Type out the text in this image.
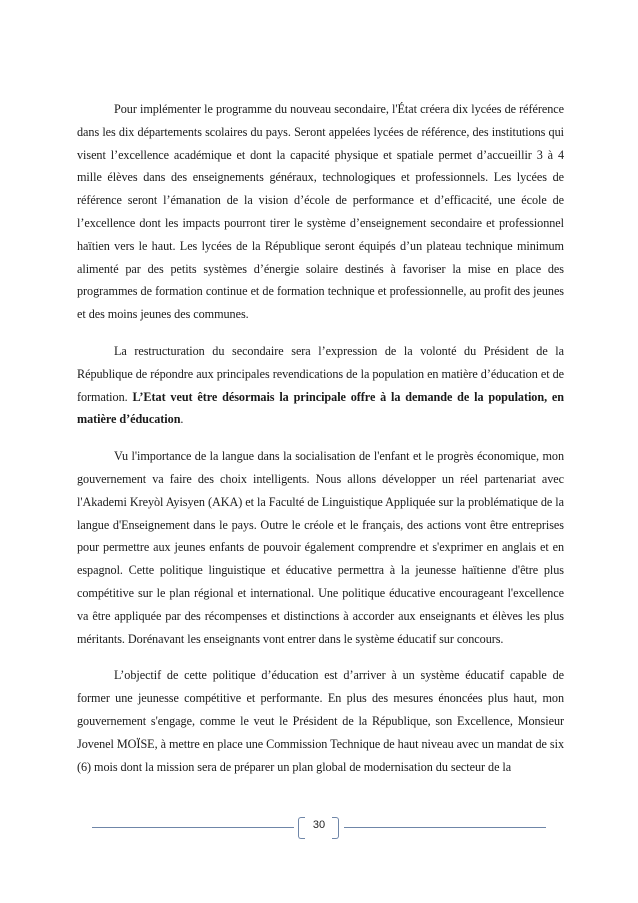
Pour implémenter le programme du nouveau secondaire, l'État créera dix lycées de référence dans les dix départements scolaires du pays. Seront appelées lycées de référence, des institutions qui visent l’excellence académique et dont la capacité physique et spatiale permet d’accueillir 3 à 4 mille élèves dans des enseignements généraux, technologiques et professionnels. Les lycées de référence seront l’émanation de la vision d’école de performance et d’efficacité, une école de l’excellence dont les impacts pourront tirer le système d’enseignement secondaire et professionnel haïtien vers le haut. Les lycées de la République seront équipés d’un plateau technique minimum alimenté par des petits systèmes d’énergie solaire destinés à favoriser la mise en place des programmes de formation continue et de formation technique et professionnelle, au profit des jeunes et des moins jeunes des communes.

La restructuration du secondaire sera l’expression de la volonté du Président de la République de répondre aux principales revendications de la population en matière d’éducation et de formation. L’Etat veut être désormais la principale offre à la demande de la population, en matière d’éducation.

Vu l'importance de la langue dans la socialisation de l'enfant et le progrès économique, mon gouvernement va faire des choix intelligents. Nous allons développer un réel partenariat avec l'Akademi Kreyòl Ayisyen (AKA) et la Faculté de Linguistique Appliquée sur la problématique de la langue d'Enseignement dans le pays. Outre le créole et le français, des actions vont être entreprises pour permettre aux jeunes enfants de pouvoir également comprendre et s'exprimer en anglais et en espagnol. Cette politique linguistique et éducative permettra à la jeunesse haïtienne d'être plus compétitive sur le plan régional et international. Une politique éducative encourageant l'excellence va être appliquée par des récompenses et distinctions à accorder aux enseignants et élèves les plus méritants. Dorénavant les enseignants vont entrer dans le système éducatif sur concours.

L’objectif de cette politique d’éducation est d’arriver à un système éducatif capable de former une jeunesse compétitive et performante. En plus des mesures énoncées plus haut, mon gouvernement s'engage, comme le veut le Président de la République, son Excellence, Monsieur Jovenel MOÏSE, à mettre en place une Commission Technique de haut niveau avec un mandat de six (6) mois dont la mission sera de préparer un plan global de modernisation du secteur de la

30
